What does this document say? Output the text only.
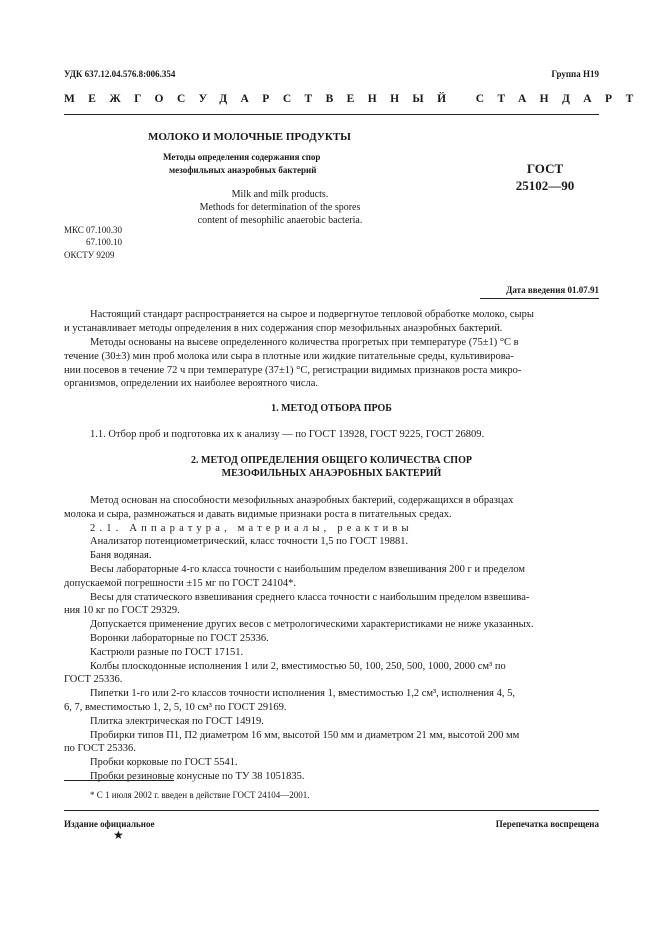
УДК 637.12.04.576.8:006.354	Группа Н19
МЕЖГОСУДАРСТВЕННЫЙ СТАНДАРТ
МОЛОКО И МОЛОЧНЫЕ ПРОДУКТЫ
Методы определения содержания спор
мезофильных анаэробных бактерий
Milk and milk products.
Methods for determination of the spores
content of mesophilic anaerobic bacteria.
ГОСТ
25102—90
МКС 07.100.30
67.100.10
ОКСТУ 9209
Дата введения 01.07.91
Настоящий стандарт распространяется на сырое и подвергнутое тепловой обработке молоко, сыры
и устанавливает методы определения в них содержания спор мезофильных анаэробных бактерий.
Методы основаны на высеве определенного количества прогретых при температуре (75±1) °С в
течение (30±3) мин проб молока или сыра в плотные или жидкие питательные среды, культивирова-
нии посевов в течение 72 ч при температуре (37±1) °С, регистрации видимых признаков роста микро-
организмов, определении их наиболее вероятного числа.
1. МЕТОД ОТБОРА ПРОБ
1.1. Отбор проб и подготовка их к анализу — по ГОСТ 13928, ГОСТ 9225, ГОСТ 26809.
2. МЕТОД ОПРЕДЕЛЕНИЯ ОБЩЕГО КОЛИЧЕСТВА СПОР
МЕЗОФИЛЬНЫХ АНАЭРОБНЫХ БАКТЕРИЙ
Метод основан на способности мезофильных анаэробных бактерий, содержащихся в образцах
молока и сыра, размножаться и давать видимые признаки роста в питательных средах.
2.1. Аппаратура, материалы, реактивы
Анализатор потенциометрический, класс точности 1,5 по ГОСТ 19881.
Баня водяная.
Весы лабораторные 4-го класса точности с наибольшим пределом взвешивания 200 г и пределом
допускаемой погрешности ±15 мг по ГОСТ 24104*.
Весы для статического взвешивания среднего класса точности с наибольшим пределом взвешива-
ния 10 кг по ГОСТ 29329.
Допускается применение других весов с метрологическими характеристиками не ниже указанных.
Воронки лабораторные по ГОСТ 25336.
Кастрюли разные по ГОСТ 17151.
Колбы плоскодонные исполнения 1 или 2, вместимостью 50, 100, 250, 500, 1000, 2000 см³ по
ГОСТ 25336.
Пипетки 1-го или 2-го классов точности исполнения 1, вместимостью 1,2 см³, исполнения 4, 5,
6, 7, вместимостью 1, 2, 5, 10 см³ по ГОСТ 29169.
Плитка электрическая по ГОСТ 14919.
Пробирки типов П1, П2 диаметром 16 мм, высотой 150 мм и диаметром 21 мм, высотой 200 мм
по ГОСТ 25336.
Пробки корковые по ГОСТ 5541.
Пробки резиновые конусные по ТУ 38 1051835.
* С 1 июля 2002 г. введен в действие ГОСТ 24104—2001.
Издание официальное	Перепечатка воспрещена
★
